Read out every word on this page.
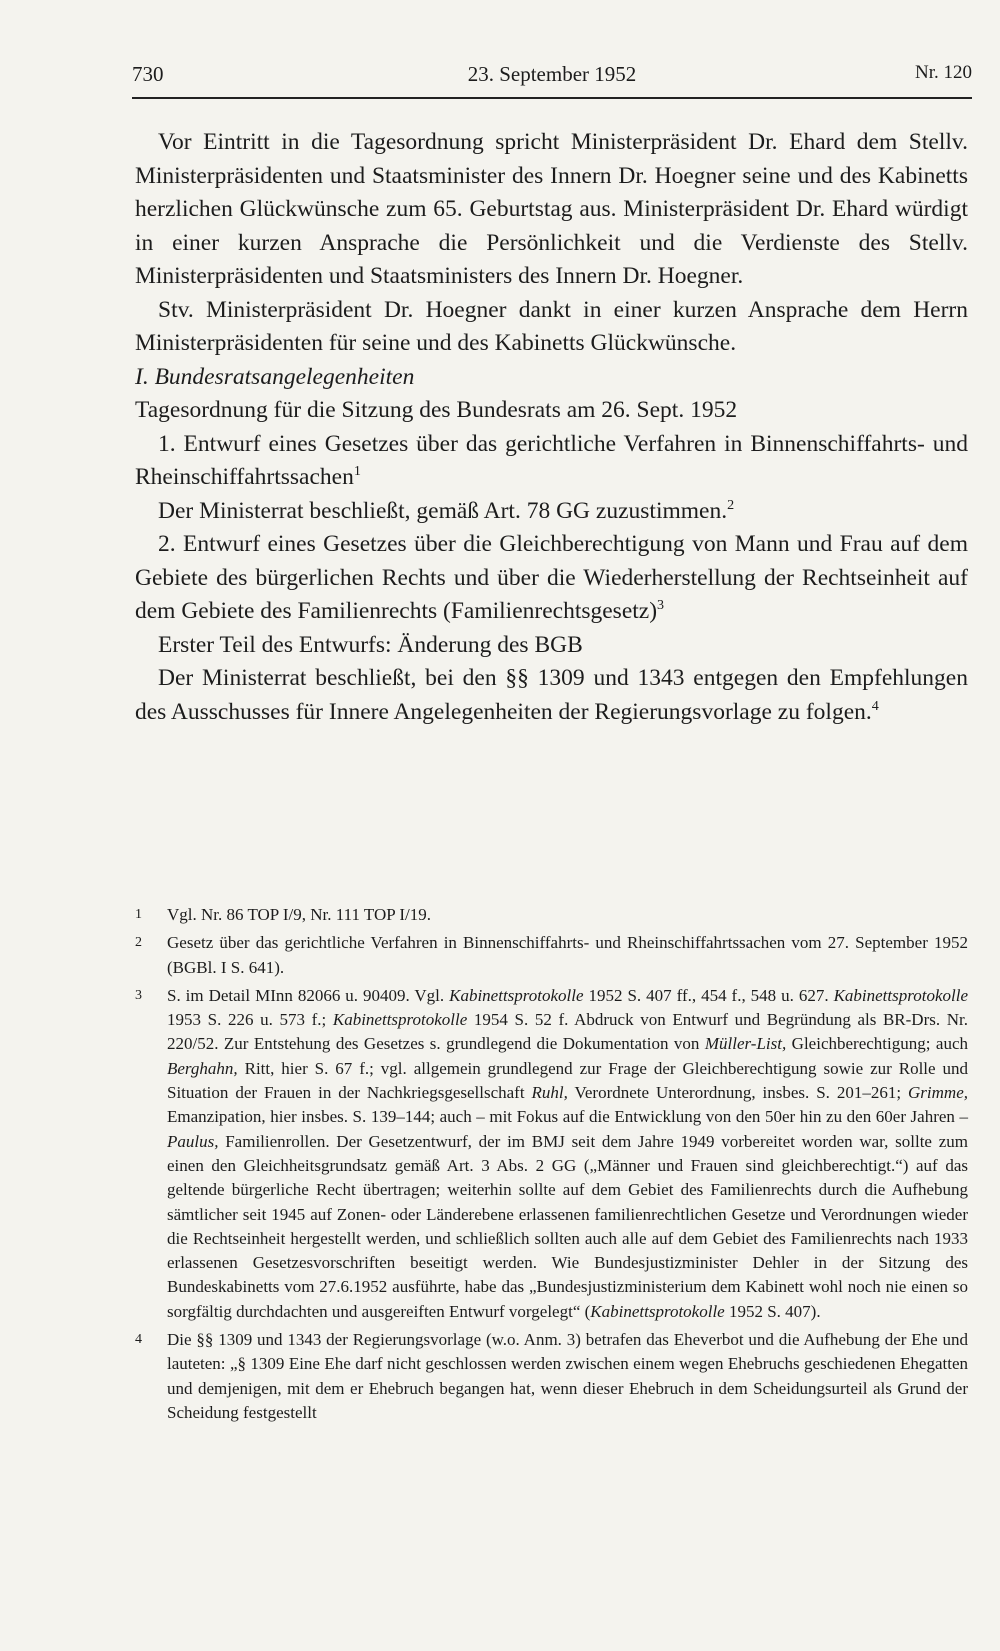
730	23. September 1952	Nr. 120

Vor Eintritt in die Tagesordnung spricht Ministerpräsident Dr. Ehard dem Stellv. Ministerpräsidenten und Staatsminister des Innern Dr. Hoegner seine und des Kabinetts herzlichen Glückwünsche zum 65. Geburtstag aus. Ministerpräsident Dr. Ehard würdigt in einer kurzen Ansprache die Persönlichkeit und die Verdienste des Stellv. Ministerpräsidenten und Staatsministers des Innern Dr. Hoegner.

Stv. Ministerpräsident Dr. Hoegner dankt in einer kurzen Ansprache dem Herrn Ministerpräsidenten für seine und des Kabinetts Glückwünsche.

I. Bundesratsangelegenheiten

Tagesordnung für die Sitzung des Bundesrats am 26. Sept. 1952

1. Entwurf eines Gesetzes über das gerichtliche Verfahren in Binnenschiffahrts- und Rheinschiffahrtssachen$^1$

Der Ministerrat beschließt, gemäß Art. 78 GG zuzustimmen.$^2$

2. Entwurf eines Gesetzes über die Gleichberechtigung von Mann und Frau auf dem Gebiete des bürgerlichen Rechts und über die Wiederherstellung der Rechtseinheit auf dem Gebiete des Familienrechts (Familienrechtsgesetz)$^3$

Erster Teil des Entwurfs: Änderung des BGB

Der Ministerrat beschließt, bei den §§ 1309 und 1343 entgegen den Empfehlungen des Ausschusses für Innere Angelegenheiten der Regierungsvorlage zu folgen.$^4$

1 Vgl. Nr. 86 TOP I/9, Nr. 111 TOP I/19.
2 Gesetz über das gerichtliche Verfahren in Binnenschiffahrts- und Rheinschiffahrtssachen vom 27. September 1952 (BGBl. I S. 641).
3 S. im Detail MInn 82066 u. 90409. Vgl. Kabinettsprotokolle 1952 S. 407 ff., 454 f., 548 u. 627. Kabinettsprotokolle 1953 S. 226 u. 573 f.; Kabinettsprotokolle 1954 S. 52 f. Abdruck von Entwurf und Begründung als BR-Drs. Nr. 220/52. Zur Entstehung des Gesetzes s. grundlegend die Dokumentation von Müller-List, Gleichberechtigung; auch Berghahn, Ritt, hier S. 67 f.; vgl. allgemein grundlegend zur Frage der Gleichberechtigung sowie zur Rolle und Situation der Frauen in der Nachkriegsgesellschaft Ruhl, Verordnete Unterordnung, insbes. S. 201–261; Grimme, Emanzipation, hier insbes. S. 139–144; auch – mit Fokus auf die Entwicklung von den 50er hin zu den 60er Jahren – Paulus, Familienrollen. Der Gesetzentwurf, der im BMJ seit dem Jahre 1949 vorbereitet worden war, sollte zum einen den Gleichheitsgrundsatz gemäß Art. 3 Abs. 2 GG („Männer und Frauen sind gleichberechtigt.“) auf das geltende bürgerliche Recht übertragen; weiterhin sollte auf dem Gebiet des Familienrechts durch die Aufhebung sämtlicher seit 1945 auf Zonen- oder Länderebene erlassenen familienrechtlichen Gesetze und Verordnungen wieder die Rechtseinheit hergestellt werden, und schließlich sollten auch alle auf dem Gebiet des Familienrechts nach 1933 erlassenen Gesetzesvorschriften beseitigt werden. Wie Bundesjustizminister Dehler in der Sitzung des Bundeskabinetts vom 27.6.1952 ausführte, habe das „Bundesjustizministerium dem Kabinett wohl noch nie einen so sorgfältig durchdachten und ausgereiften Entwurf vorgelegt“ (Kabinettsprotokolle 1952 S. 407).
4 Die §§ 1309 und 1343 der Regierungsvorlage (w.o. Anm. 3) betrafen das Eheverbot und die Aufhebung der Ehe und lauteten: „§ 1309 Eine Ehe darf nicht geschlossen werden zwischen einem wegen Ehebruchs geschiedenen Ehegatten und demjenigen, mit dem er Ehebruch begangen hat, wenn dieser Ehebruch in dem Scheidungsurteil als Grund der Scheidung festgestellt
